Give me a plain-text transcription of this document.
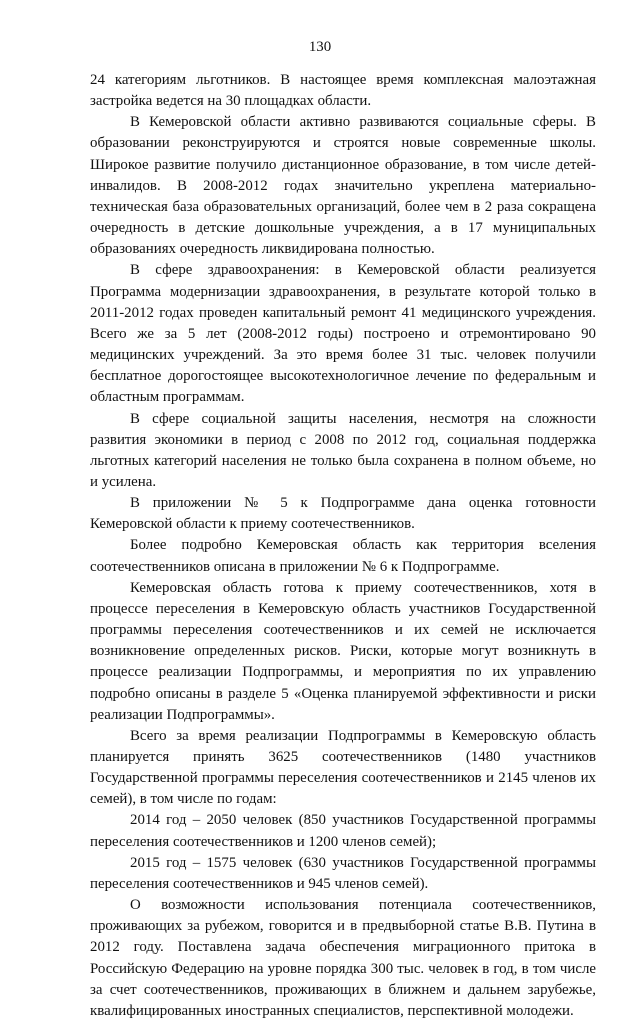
130

24 категориям льготников. В настоящее время комплексная малоэтажная застройка ведется на 30 площадках области.

В Кемеровской области активно развиваются социальные сферы. В образовании реконструируются и строятся новые современные школы. Широкое развитие получило дистанционное образование, в том числе детей-инвалидов. В 2008-2012 годах значительно укреплена материально-техническая база образовательных организаций, более чем в 2 раза сокращена очередность в детские дошкольные учреждения, а в 17 муниципальных образованиях очередность ликвидирована полностью.

В сфере здравоохранения: в Кемеровской области реализуется Программа модернизации здравоохранения, в результате которой только в 2011-2012 годах проведен капитальный ремонт 41 медицинского учреждения. Всего же за 5 лет (2008-2012 годы) построено и отремонтировано 90 медицинских учреждений. За это время более 31 тыс. человек получили бесплатное дорогостоящее высокотехнологичное лечение по федеральным и областным программам.

В сфере социальной защиты населения, несмотря на сложности развития экономики в период с 2008 по 2012 год, социальная поддержка льготных категорий населения не только была сохранена в полном объеме, но и усилена.

В приложении № 5 к Подпрограмме дана оценка готовности Кемеровской области к приему соотечественников.

Более подробно Кемеровская область как территория вселения соотечественников описана в приложении № 6 к Подпрограмме.

Кемеровская область готова к приему соотечественников, хотя в процессе переселения в Кемеровскую область участников Государственной программы переселения соотечественников и их семей не исключается возникновение определенных рисков. Риски, которые могут возникнуть в процессе реализации Подпрограммы, и мероприятия по их управлению подробно описаны в разделе 5 «Оценка планируемой эффективности и риски реализации Подпрограммы».

Всего за время реализации Подпрограммы в Кемеровскую область планируется принять 3625 соотечественников (1480 участников Государственной программы переселения соотечественников и 2145 членов их семей), в том числе по годам:

2014 год – 2050 человек (850 участников Государственной программы переселения соотечественников и 1200 членов семей);

2015 год – 1575 человек (630 участников Государственной программы переселения соотечественников и 945 членов семей).

О возможности использования потенциала соотечественников, проживающих за рубежом, говорится и в предвыборной статье В.В. Путина в 2012 году. Поставлена задача обеспечения миграционного притока в Российскую Федерацию на уровне порядка 300 тыс. человек в год, в том числе за счет соотечественников, проживающих в ближнем и дальнем зарубежье, квалифицированных иностранных специалистов, перспективной молодежи.
